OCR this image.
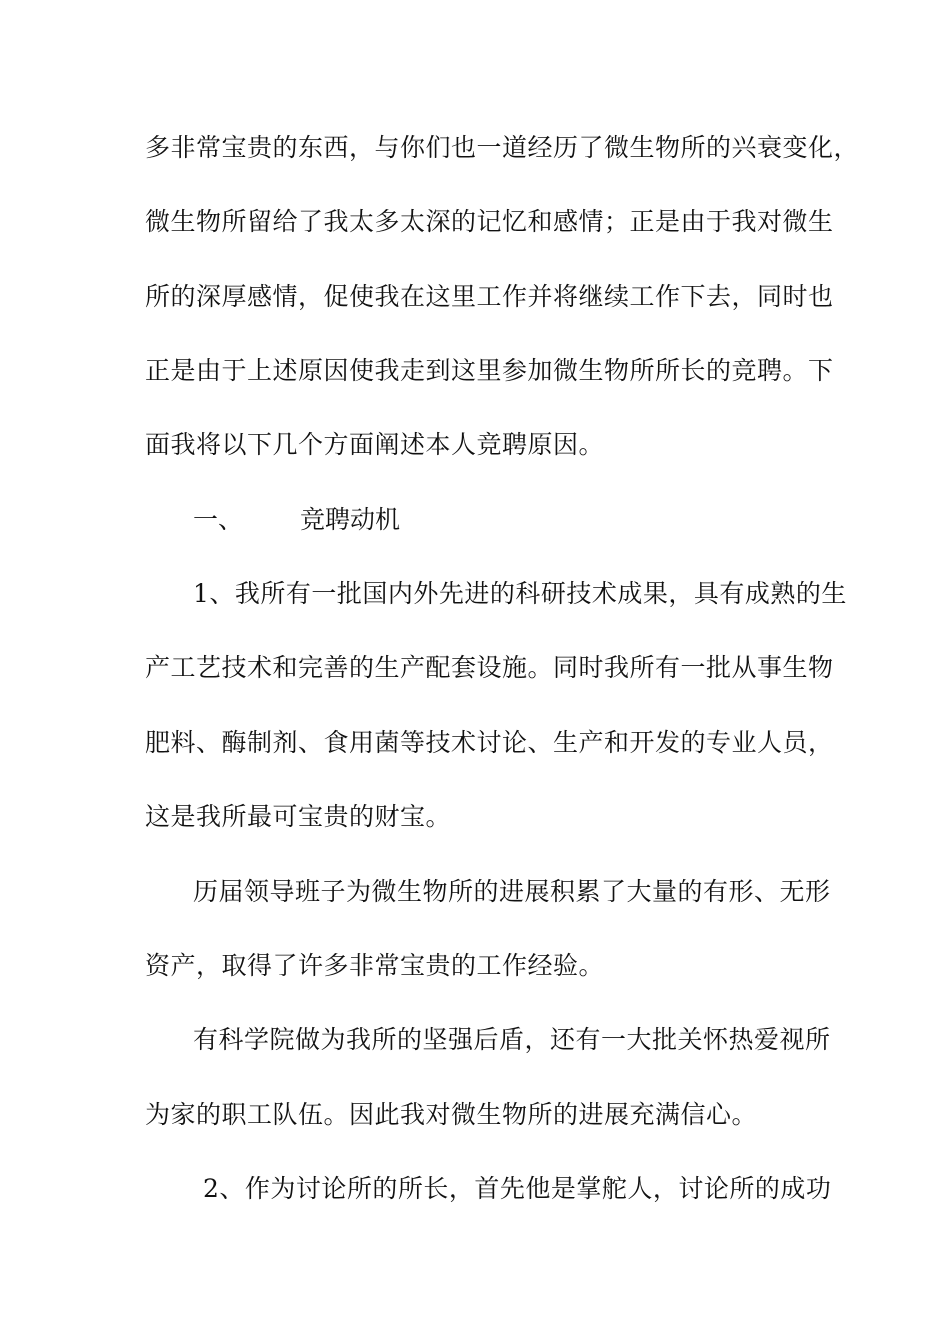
多非常宝贵的东西，与你们也一道经历了微生物所的兴衰变化，
微生物所留给了我太多太深的记忆和感情；正是由于我对微生
所的深厚感情，促使我在这里工作并将继续工作下去，同时也
正是由于上述原因使我走到这里参加微生物所所长的竞聘。下
面我将以下几个方面阐述本人竞聘原因。
一、 竞聘动机
1、我所有一批国内外先进的科研技术成果，具有成熟的生
产工艺技术和完善的生产配套设施。同时我所有一批从事生物
肥料、酶制剂、食用菌等技术讨论、生产和开发的专业人员，
这是我所最可宝贵的财宝。
历届领导班子为微生物所的进展积累了大量的有形、无形
资产，取得了许多非常宝贵的工作经验。
有科学院做为我所的坚强后盾，还有一大批关怀热爱视所
为家的职工队伍。因此我对微生物所的进展充满信心。
2、作为讨论所的所长，首先他是掌舵人，讨论所的成功
